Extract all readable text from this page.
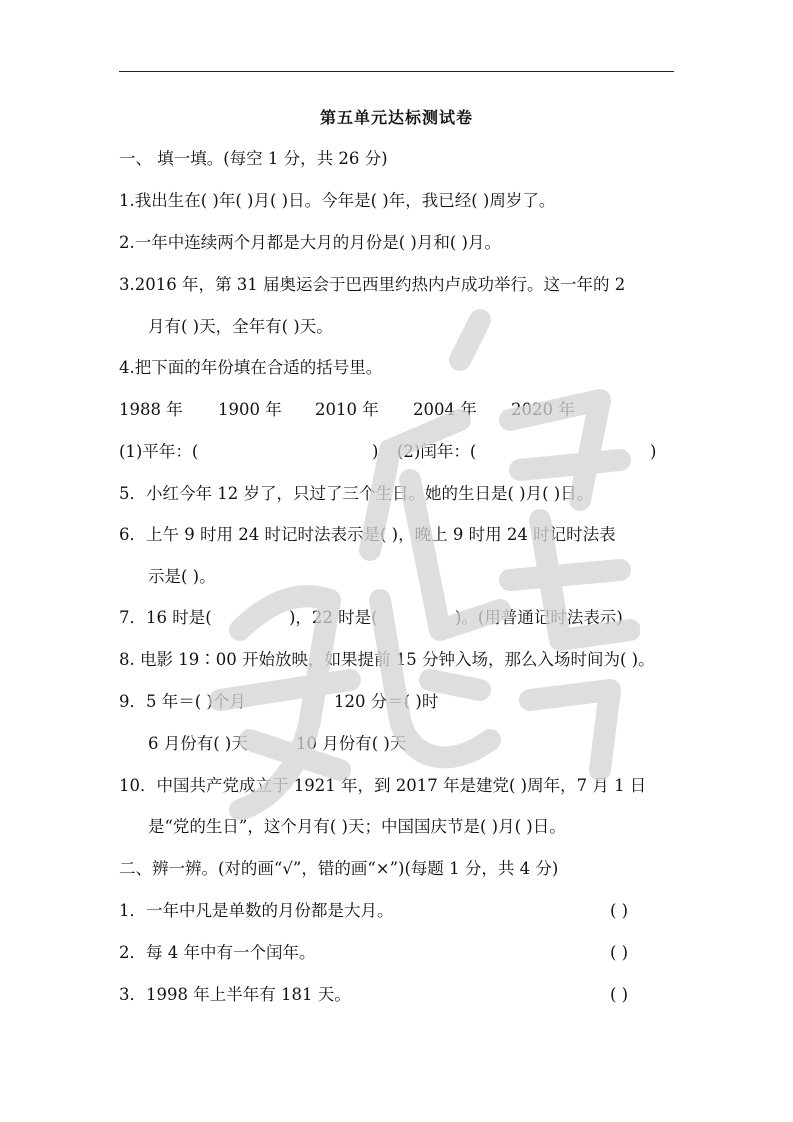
第五单元达标测试卷
一、 填一填。(每空 1 分，共 26 分)
1.我出生在( )年( )月( )日。今年是( )年，我已经( )周岁了。
2.一年中连续两个月都是大月的月份是( )月和( )月。
3.2016 年，第 31 届奥运会于巴西里约热内卢成功举行。这一年的 2
月有( )天，全年有( )天。
4.把下面的年份填在合适的括号里。
1988 年 1900 年 2010 年 2004 年 2020 年
(1)平年：(	) (2)闰年：(	)
5．小红今年 12 岁了，只过了三个生日。她的生日是( )月( )日。
6．上午 9 时用 24 时记时法表示是( )，晚上 9 时用 24 时记时法表
示是( )。
7．16 时是(	)，22 时是(	)。(用普通记时法表示)
8. 电影 19∶00 开始放映，如果提前 15 分钟入场，那么入场时间为( )。
9．5 年＝( )个月	120 分＝( )时
6 月份有( )天	10 月份有( )天
10．中国共产党成立于 1921 年，到 2017 年是建党( )周年，7 月 1 日
是“党的生日”，这个月有( )天；中国国庆节是( )月( )日。
二、辨一辨。(对的画“√”，错的画“×”)(每题 1 分，共 4 分)
1．一年中凡是单数的月份都是大月。	( )
2．每 4 年中有一个闰年。	( )
3．1998 年上半年有 181 天。	( )
